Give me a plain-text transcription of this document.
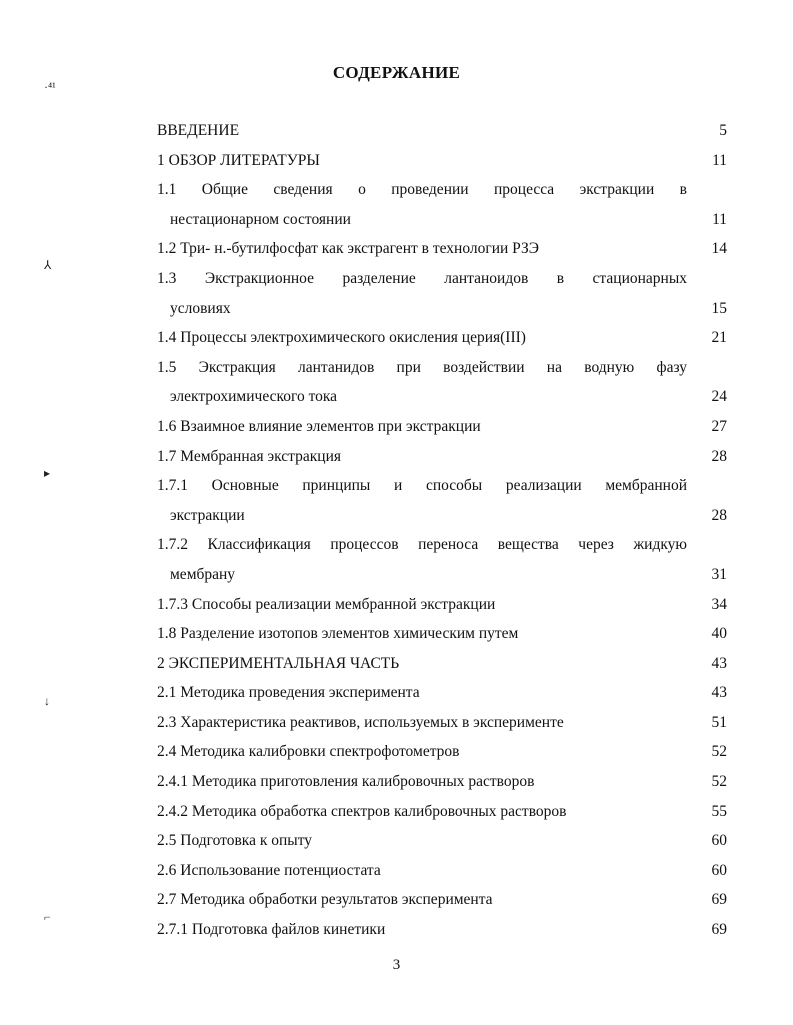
СОДЕРЖАНИЕ
·⁴¹
⅄
▸
↓
⌐
ВВЕДЕНИЕ	5
1 ОБЗОР ЛИТЕРАТУРЫ	11
1.1 Общие сведения о проведении процесса экстракции в
нестационарном состоянии	11
1.2 Три- н.-бутилфосфат как экстрагент в технологии РЗЭ	14
1.3 Экстракционное разделение лантаноидов в стационарных
условиях	15
1.4 Процессы электрохимического окисления церия(III)	21
1.5 Экстракция лантанидов при воздействии на водную фазу
электрохимического тока	24
1.6 Взаимное влияние элементов при экстракции	27
1.7 Мембранная экстракция	28
1.7.1 Основные принципы и способы реализации мембранной
экстракции	28
1.7.2 Классификация процессов переноса вещества через жидкую
мембрану	31
1.7.3 Способы реализации мембранной экстракции	34
1.8 Разделение изотопов элементов химическим путем	40
2 ЭКСПЕРИМЕНТАЛЬНАЯ ЧАСТЬ	43
2.1 Методика проведения эксперимента	43
2.3 Характеристика реактивов, используемых в эксперименте	51
2.4 Методика калибровки спектрофотометров	52
2.4.1 Методика приготовления калибровочных растворов	52
2.4.2 Методика обработка спектров калибровочных растворов	55
2.5 Подготовка к опыту	60
2.6 Использование потенциостата	60
2.7 Методика обработки результатов эксперимента	69
2.7.1 Подготовка файлов кинетики	69
3
